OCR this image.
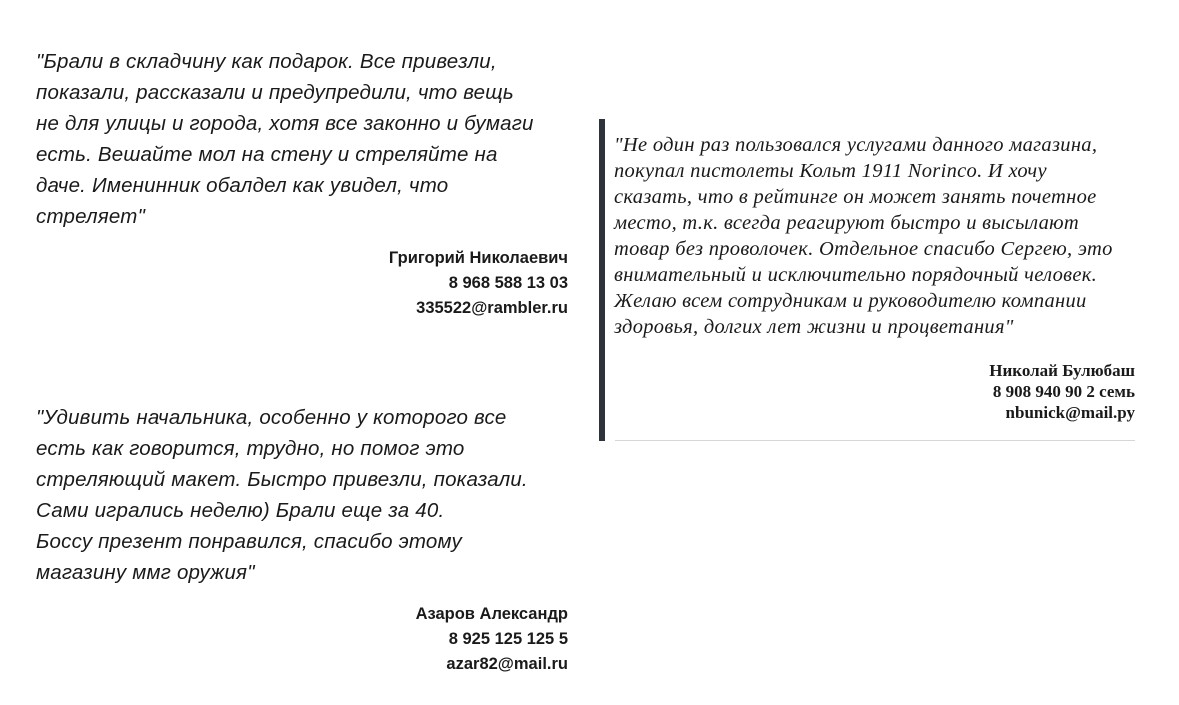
"Брали в складчину как подарок. Все привезли,
показали, рассказали и предупредили, что вещь
не для улицы и города, хотя все законно и бумаги
есть. Вешайте мол на стену и стреляйте на
даче. Именинник обалдел как увидел, что
стреляет"

Григорий Николаевич
8 968 588 13 03
335522@rambler.ru

"Удивить начальника, особенно у которого все
есть как говорится, трудно, но помог это
стреляющий макет. Быстро привезли, показали.
Сами игрались неделю) Брали еще за 40.
Боссу презент понравился, спасибо этому
магазину ммг оружия"

Азаров Александр
8 925 125 125 5
azar82@mail.ru

"Не один раз пользовался услугами данного магазина,
покупал пистолеты Кольт 1911 Norinco. И хочу
сказать, что в рейтинге он может занять почетное
место, т.к. всегда реагируют быстро и высылают
товар без проволочек. Отдельное спасибо Сергею, это
внимательный и исключительно порядочный человек.
Желаю всем сотрудникам и руководителю компании
здоровья, долгих лет жизни и процветания"

Николай Булюбаш
8 908 940 90 2 семь
nbunick@mail.ру
